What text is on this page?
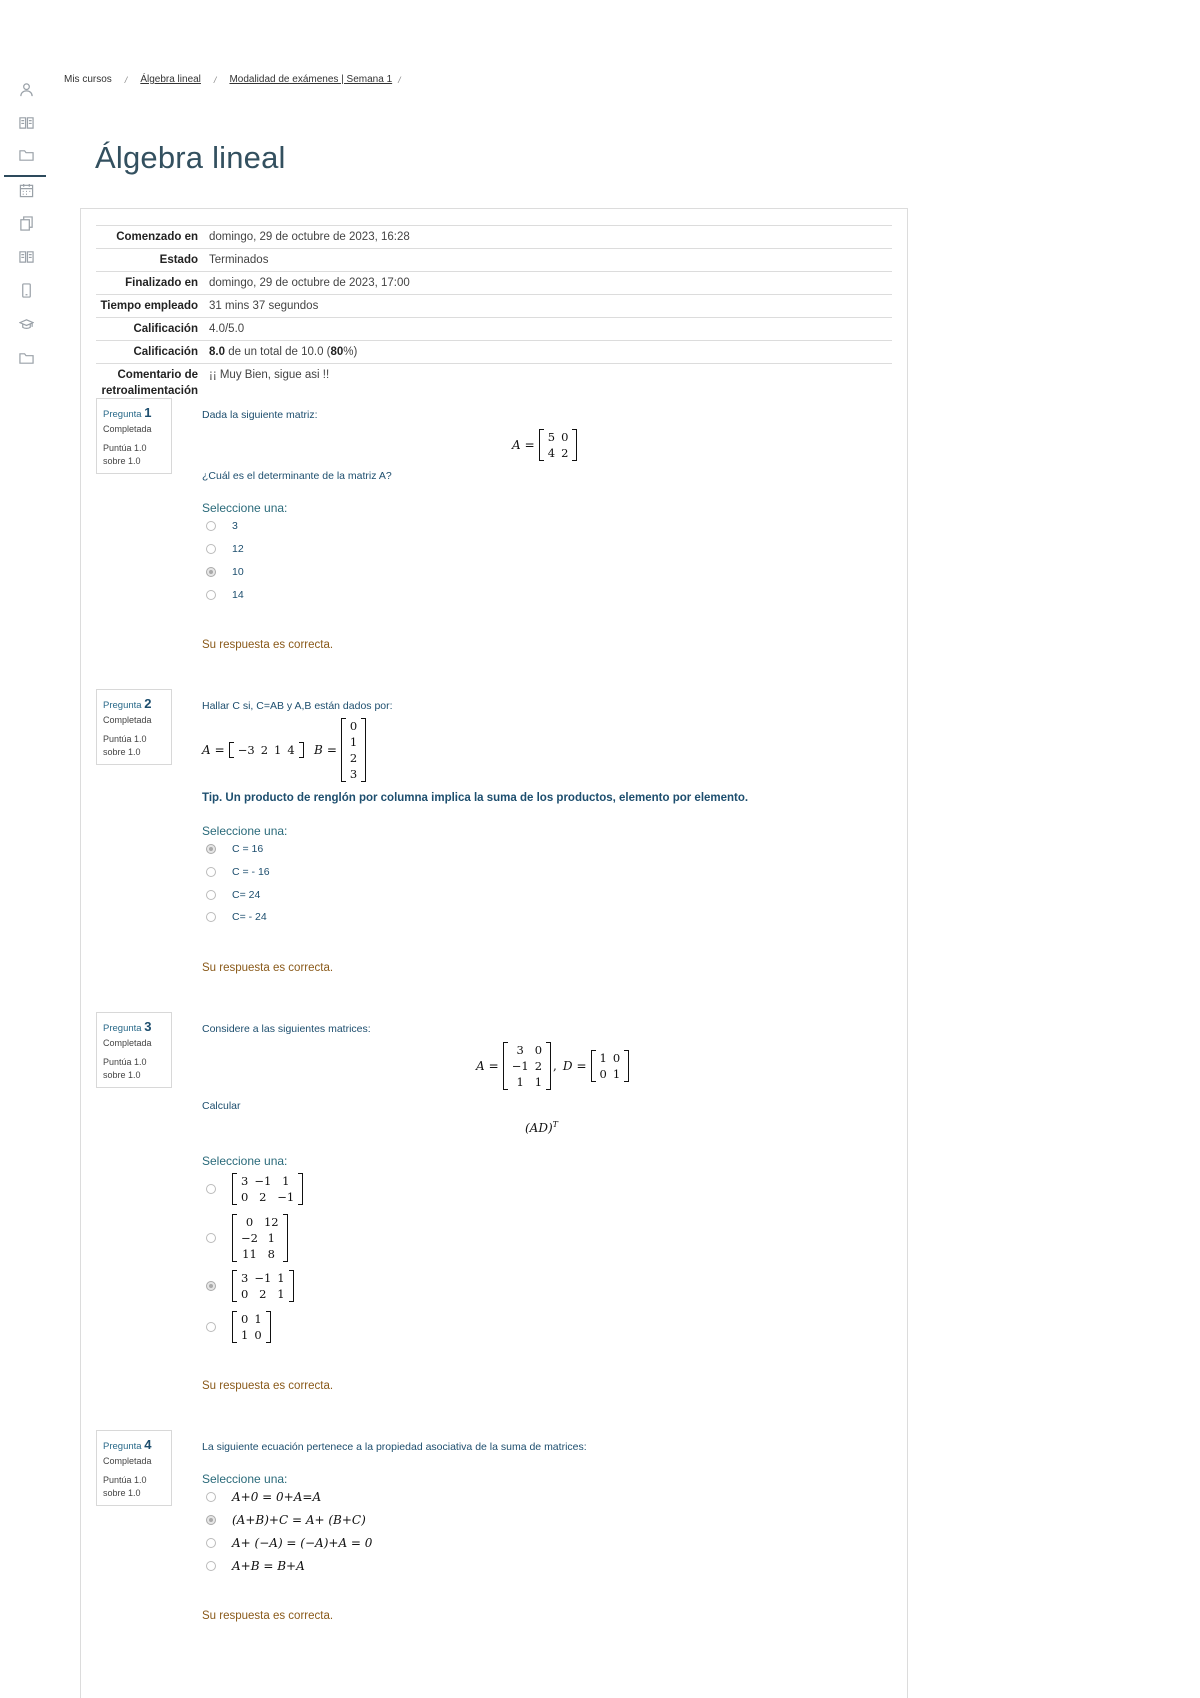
Mis cursos / Álgebra lineal / Modalidad de exámenes | Semana 1 /
Álgebra lineal
Comenzado en	domingo, 29 de octubre de 2023, 16:28
Estado	Terminados
Finalizado en	domingo, 29 de octubre de 2023, 17:00
Tiempo empleado	31 mins 37 segundos
Calificación	4.0/5.0
Calificación	8.0 de un total de 10.0 (80%)
Comentario de retroalimentación	¡¡ Muy Bien, sigue asi !!
Pregunta 1
Completada
Puntúa 1.0
sobre 1.0
Dada la siguiente matriz:
A =
5 0
4 2
¿Cuál es el determinante de la matriz A?
Seleccione una:
3
12
10
14
Su respuesta es correcta.
Pregunta 2
Completada
Puntúa 1.0
sobre 1.0
Hallar C si, C=AB y A,B están dados por:
A = −3 2 1 4 B =
0
1
2
3
Tip. Un producto de renglón por columna implica la suma de los productos, elemento por elemento.
Seleccione una:
C = 16
C = - 16
C= 24
C= - 24
Su respuesta es correcta.
Pregunta 3
Completada
Puntúa 1.0
sobre 1.0
Considere a las siguientes matrices:
A =
3 0
−1 2
1 1
, D =
1 0
0 1
Calcular
(AD)$^T$
Seleccione una:
3 −1 1
0 2 −1
0 12
−2 1
11 8
3 −1 1
0 2 1
0 1
1 0
Su respuesta es correcta.
Pregunta 4
Completada
Puntúa 1.0
sobre 1.0
La siguiente ecuación pertenece a la propiedad asociativa de la suma de matrices:
Seleccione una:
A+0 = 0+A=A
(A+B)+C = A+ (B+C)
A+ (−A) = (−A)+A = 0
A+B = B+A
Su respuesta es correcta.
